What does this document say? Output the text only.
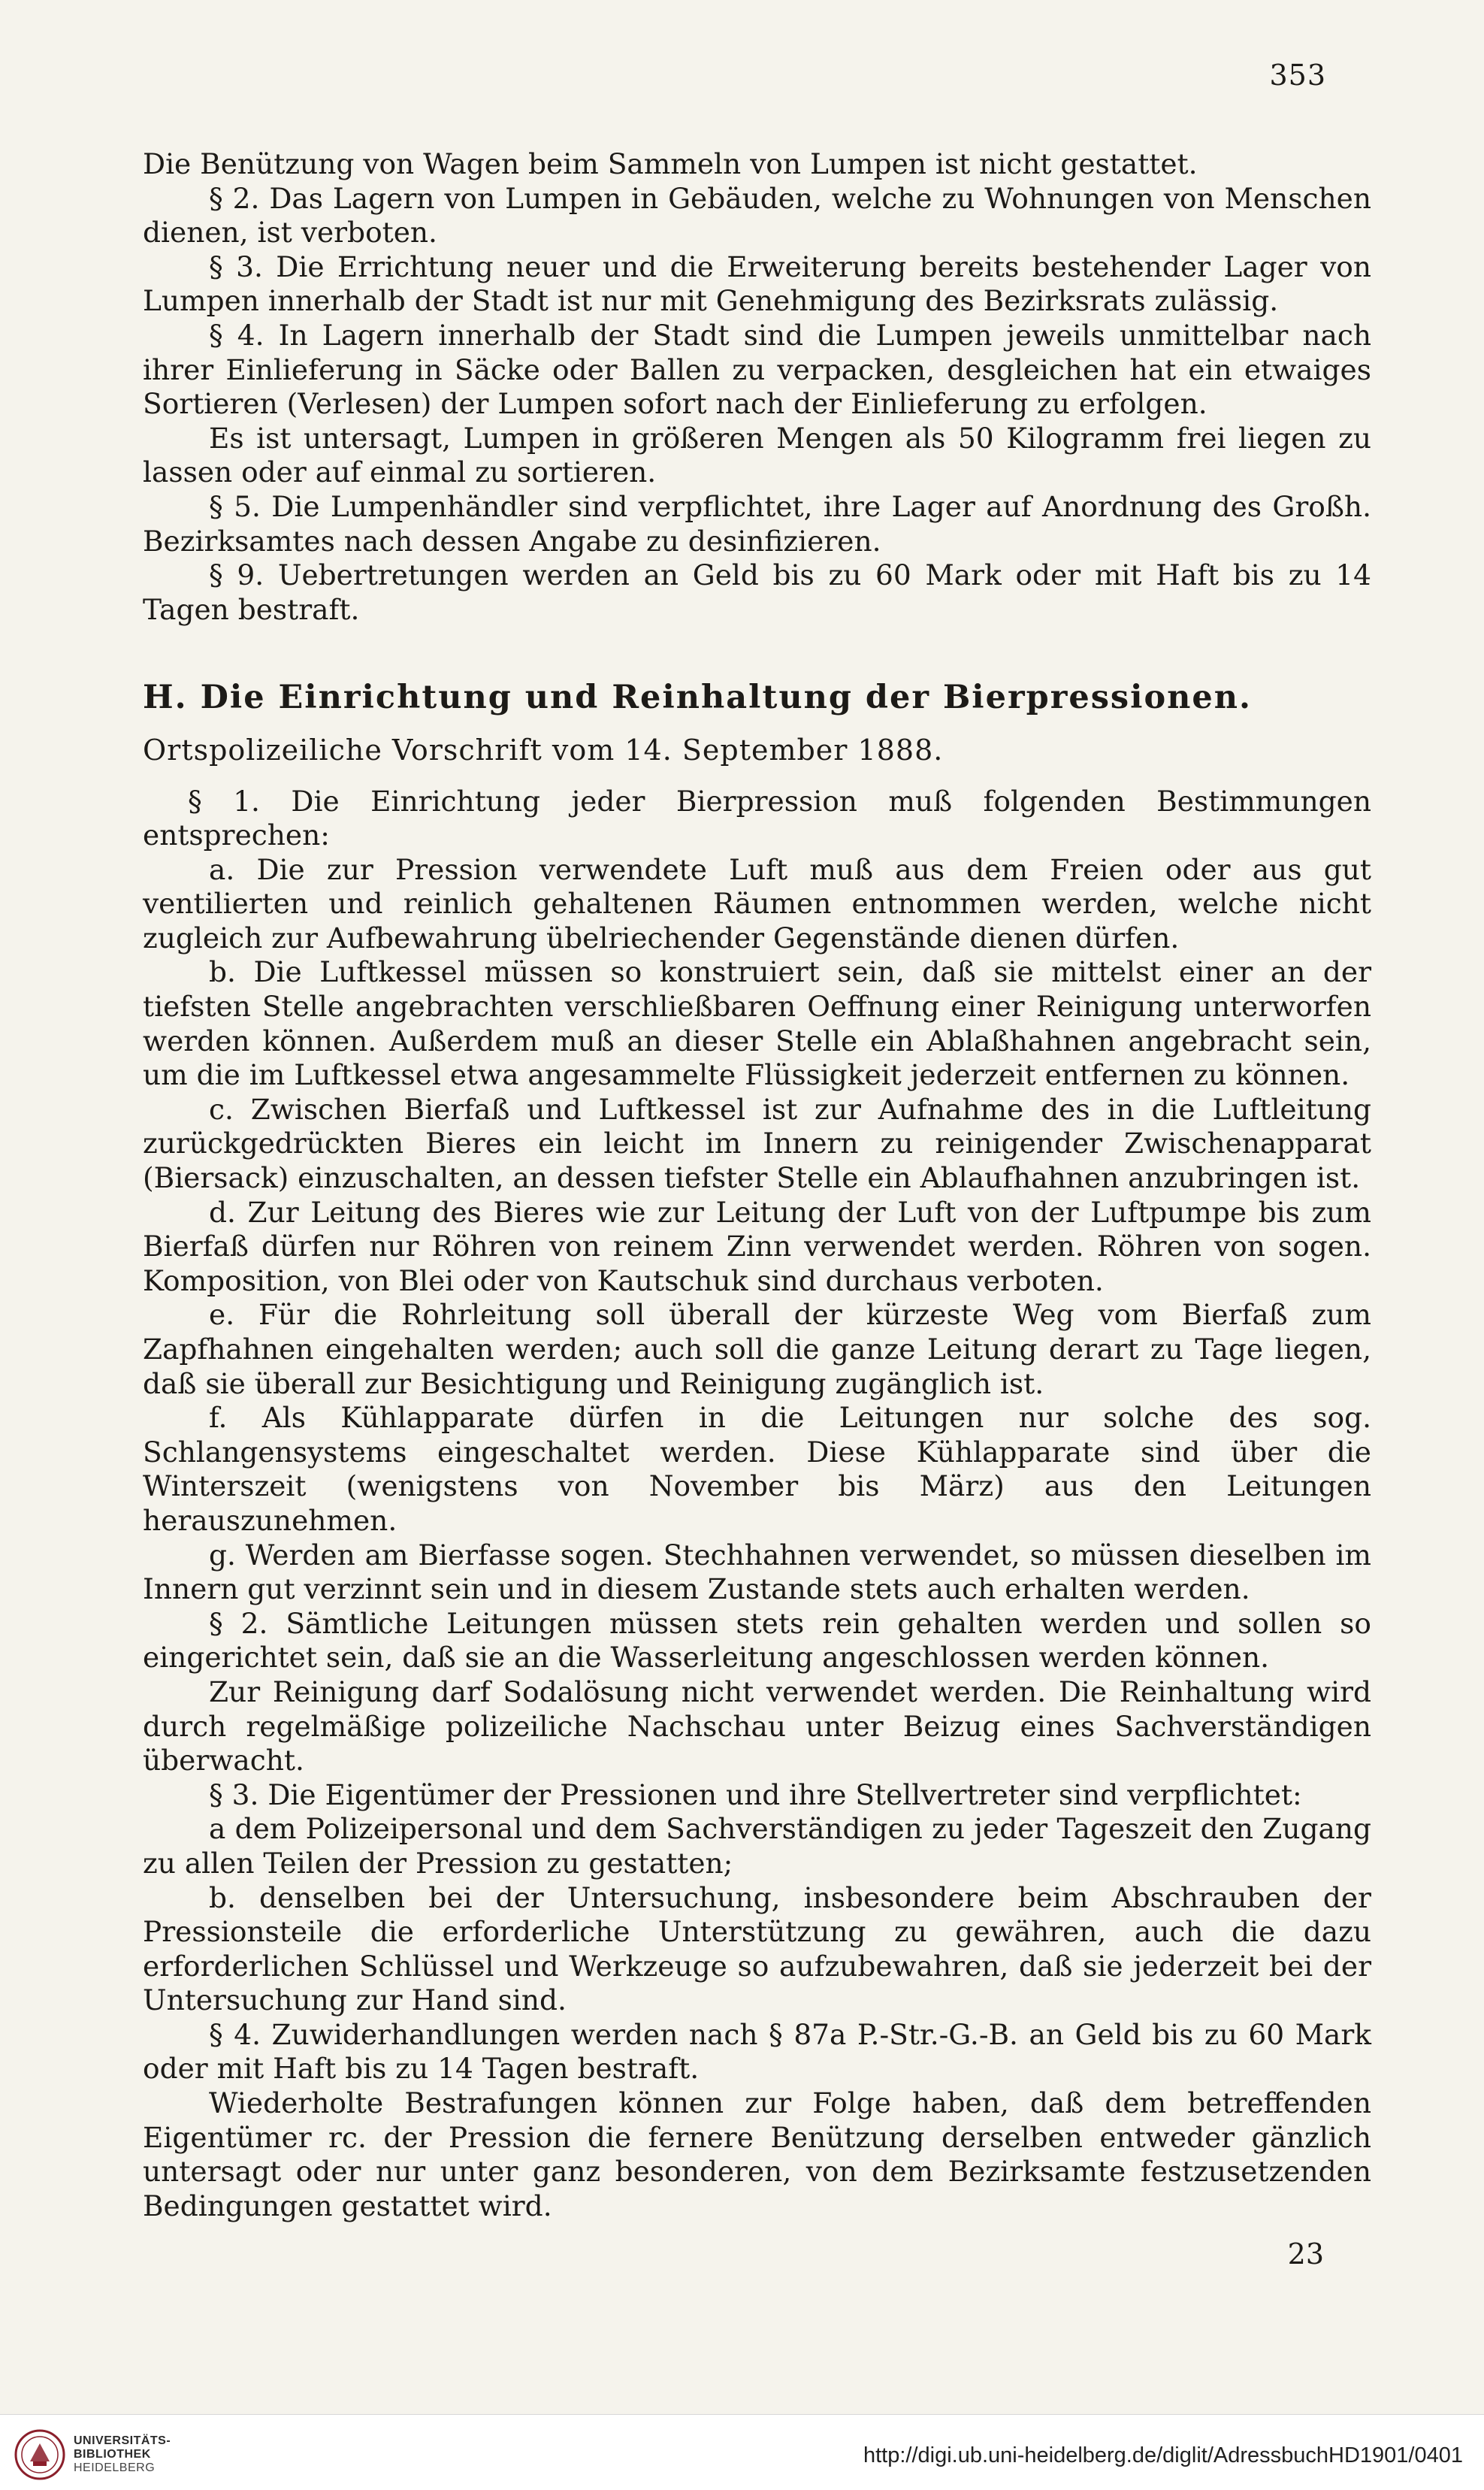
353

Die Benützung von Wagen beim Sammeln von Lumpen ist nicht gestattet.

§ 2. Das Lagern von Lumpen in Gebäuden, welche zu Wohnungen von Menschen dienen, ist verboten.

§ 3. Die Errichtung neuer und die Erweiterung bereits bestehender Lager von Lumpen innerhalb der Stadt ist nur mit Genehmigung des Bezirksrats zulässig.

§ 4. In Lagern innerhalb der Stadt sind die Lumpen jeweils unmittelbar nach ihrer Einlieferung in Säcke oder Ballen zu verpacken, desgleichen hat ein etwaiges Sortieren (Verlesen) der Lumpen sofort nach der Einlieferung zu erfolgen.

Es ist untersagt, Lumpen in größeren Mengen als 50 Kilogramm frei liegen zu lassen oder auf einmal zu sortieren.

§ 5. Die Lumpenhändler sind verpflichtet, ihre Lager auf Anordnung des Großh. Bezirksamtes nach dessen Angabe zu desinfizieren.

§ 9. Uebertretungen werden an Geld bis zu 60 Mark oder mit Haft bis zu 14 Tagen bestraft.

H. Die Einrichtung und Reinhaltung der Bierpressionen.

Ortspolizeiliche Vorschrift vom 14. September 1888.

§ 1. Die Einrichtung jeder Bierpression muß folgenden Bestimmungen entsprechen:

a. Die zur Pression verwendete Luft muß aus dem Freien oder aus gut ventilierten und reinlich gehaltenen Räumen entnommen werden, welche nicht zugleich zur Aufbewahrung übelriechender Gegenstände dienen dürfen.

b. Die Luftkessel müssen so konstruiert sein, daß sie mittelst einer an der tiefsten Stelle angebrachten verschließbaren Oeffnung einer Reinigung unterworfen werden können. Außerdem muß an dieser Stelle ein Ablaßhahnen angebracht sein, um die im Luftkessel etwa angesammelte Flüssigkeit jederzeit entfernen zu können.

c. Zwischen Bierfaß und Luftkessel ist zur Aufnahme des in die Luftleitung zurückgedrückten Bieres ein leicht im Innern zu reinigender Zwischenapparat (Biersack) einzuschalten, an dessen tiefster Stelle ein Ablaufhahnen anzubringen ist.

d. Zur Leitung des Bieres wie zur Leitung der Luft von der Luftpumpe bis zum Bierfaß dürfen nur Röhren von reinem Zinn verwendet werden. Röhren von sogen. Komposition, von Blei oder von Kautschuk sind durchaus verboten.

e. Für die Rohrleitung soll überall der kürzeste Weg vom Bierfaß zum Zapfhahnen eingehalten werden; auch soll die ganze Leitung derart zu Tage liegen, daß sie überall zur Besichtigung und Reinigung zugänglich ist.

f. Als Kühlapparate dürfen in die Leitungen nur solche des sog. Schlangensystems eingeschaltet werden. Diese Kühlapparate sind über die Winterszeit (wenigstens von November bis März) aus den Leitungen herauszunehmen.

g. Werden am Bierfasse sogen. Stechhahnen verwendet, so müssen dieselben im Innern gut verzinnt sein und in diesem Zustande stets auch erhalten werden.

§ 2. Sämtliche Leitungen müssen stets rein gehalten werden und sollen so eingerichtet sein, daß sie an die Wasserleitung angeschlossen werden können.

Zur Reinigung darf Sodalösung nicht verwendet werden. Die Reinhaltung wird durch regelmäßige polizeiliche Nachschau unter Beizug eines Sachverständigen überwacht.

§ 3. Die Eigentümer der Pressionen und ihre Stellvertreter sind verpflichtet:

a dem Polizeipersonal und dem Sachverständigen zu jeder Tageszeit den Zugang zu allen Teilen der Pression zu gestatten;

b. denselben bei der Untersuchung, insbesondere beim Abschrauben der Pressionsteile die erforderliche Unterstützung zu gewähren, auch die dazu erforderlichen Schlüssel und Werkzeuge so aufzubewahren, daß sie jederzeit bei der Untersuchung zur Hand sind.

§ 4. Zuwiderhandlungen werden nach § 87a P.-Str.-G.-B. an Geld bis zu 60 Mark oder mit Haft bis zu 14 Tagen bestraft.

Wiederholte Bestrafungen können zur Folge haben, daß dem betreffenden Eigentümer rc. der Pression die fernere Benützung derselben entweder gänzlich untersagt oder nur unter ganz besonderen, von dem Bezirksamte festzusetzenden Bedingungen gestattet wird.

23
UNIVERSITÄTS-
BIBLIOTHEK
HEIDELBERG
http://digi.ub.uni-heidelberg.de/diglit/AdressbuchHD1901/0401
